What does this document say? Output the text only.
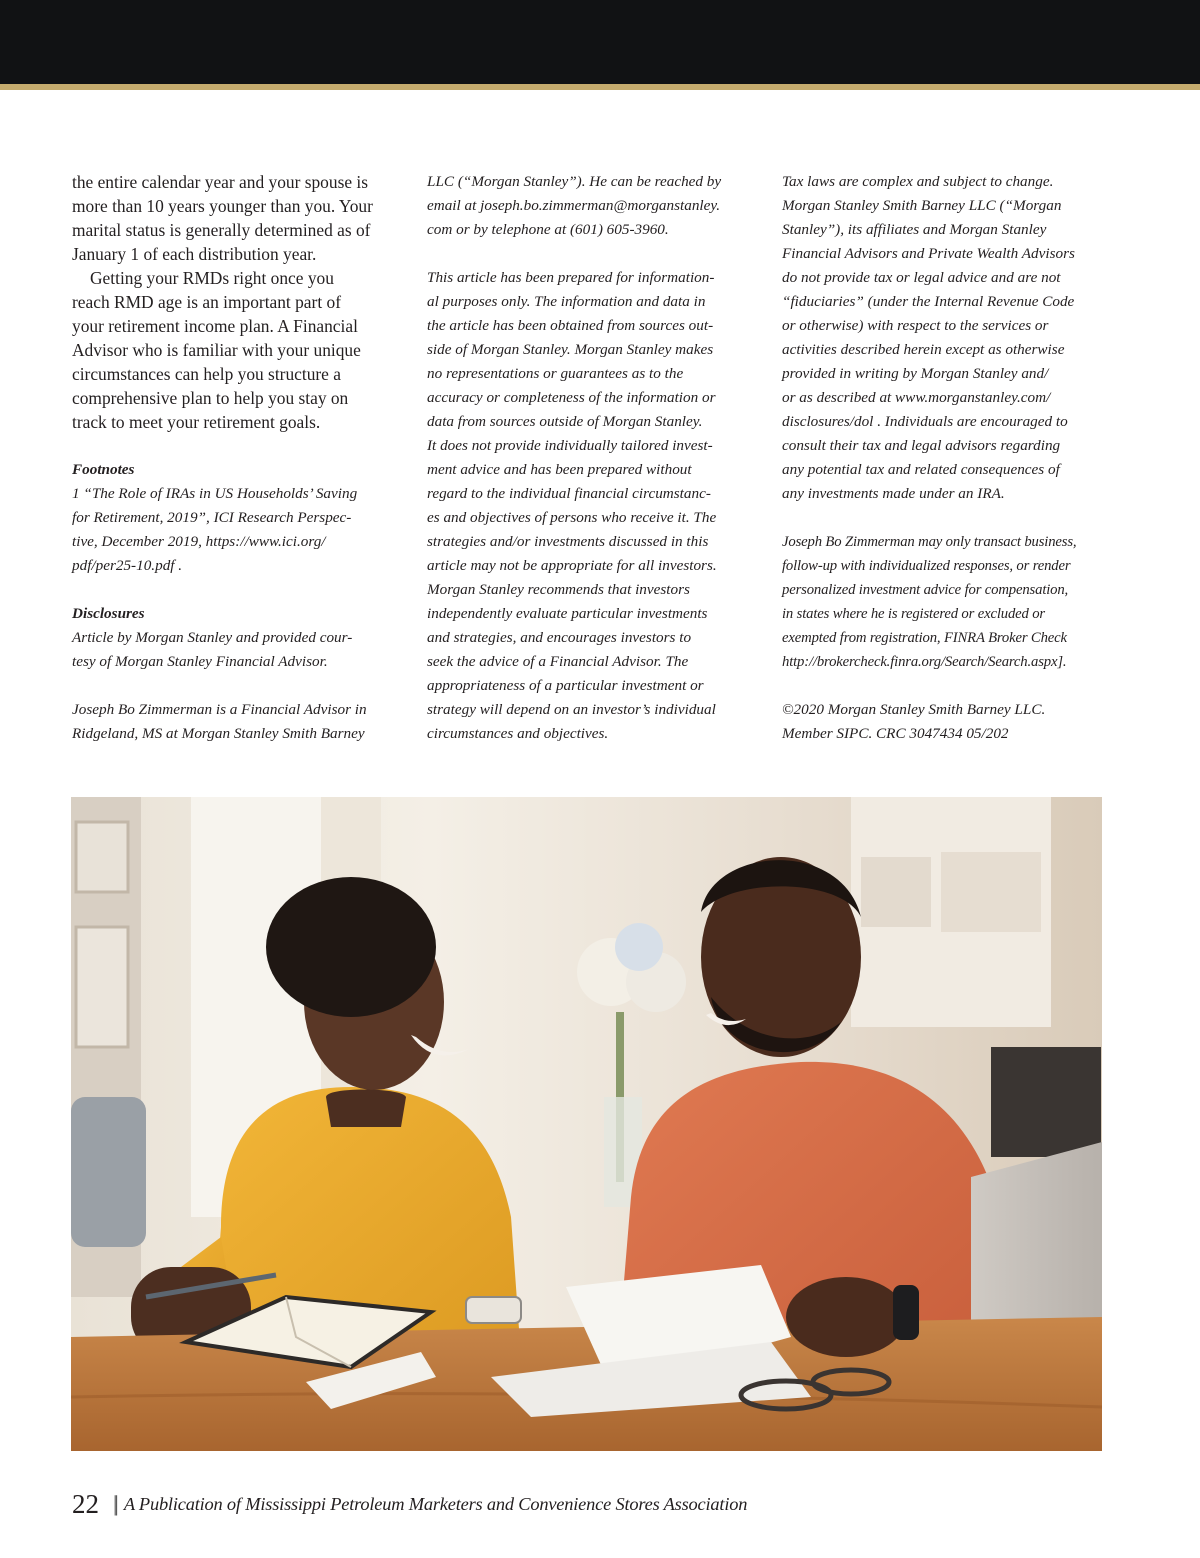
the entire calendar year and your spouse is
more than 10 years younger than you. Your
marital status is generally determined as of
January 1 of each distribution year.
Getting your RMDs right once you
reach RMD age is an important part of
your retirement income plan. A Financial
Advisor who is familiar with your unique
circumstances can help you structure a
comprehensive plan to help you stay on
track to meet your retirement goals.

Footnotes

1 “The Role of IRAs in US Households’ Saving
for Retirement, 2019”, ICI Research Perspec-
tive, December 2019, https://www.ici.org/
pdf/per25-10.pdf .

Disclosures

Article by Morgan Stanley and provided cour-
tesy of Morgan Stanley Financial Advisor.
Joseph Bo Zimmerman is a Financial Advisor in
Ridgeland, MS at Morgan Stanley Smith Barney
LLC (“Morgan Stanley”). He can be reached by
email at joseph.bo.zimmerman@morganstanley.
com or by telephone at (601) 605-3960.
This article has been prepared for information-
al purposes only. The information and data in
the article has been obtained from sources out-
side of Morgan Stanley. Morgan Stanley makes
no representations or guarantees as to the
accuracy or completeness of the information or
data from sources outside of Morgan Stanley.
It does not provide individually tailored invest-
ment advice and has been prepared without
regard to the individual financial circumstanc-
es and objectives of persons who receive it. The
strategies and/or investments discussed in this
article may not be appropriate for all investors.
Morgan Stanley recommends that investors
independently evaluate particular investments
and strategies, and encourages investors to
seek the advice of a Financial Advisor. The
appropriateness of a particular investment or
strategy will depend on an investor’s individual
circumstances and objectives.
Tax laws are complex and subject to change.
Morgan Stanley Smith Barney LLC (“Morgan
Stanley”), its affiliates and Morgan Stanley
Financial Advisors and Private Wealth Advisors
do not provide tax or legal advice and are not
“fiduciaries” (under the Internal Revenue Code
or otherwise) with respect to the services or
activities described herein except as otherwise
provided in writing by Morgan Stanley and/
or as described at www.morganstanley.com/
disclosures/dol . Individuals are encouraged to
consult their tax and legal advisors regarding
any potential tax and related consequences of
any investments made under an IRA.
Joseph Bo Zimmerman may only transact business,
follow-up with individualized responses, or render
personalized investment advice for compensation,
in states where he is registered or excluded or
exempted from registration, FINRA Broker Check
http://brokercheck.finra.org/Search/Search.aspx].
©2020 Morgan Stanley Smith Barney LLC.
Member SIPC. CRC 3047434 05/202
22 || A Publication of Mississippi Petroleum Marketers and Convenience Stores Association
